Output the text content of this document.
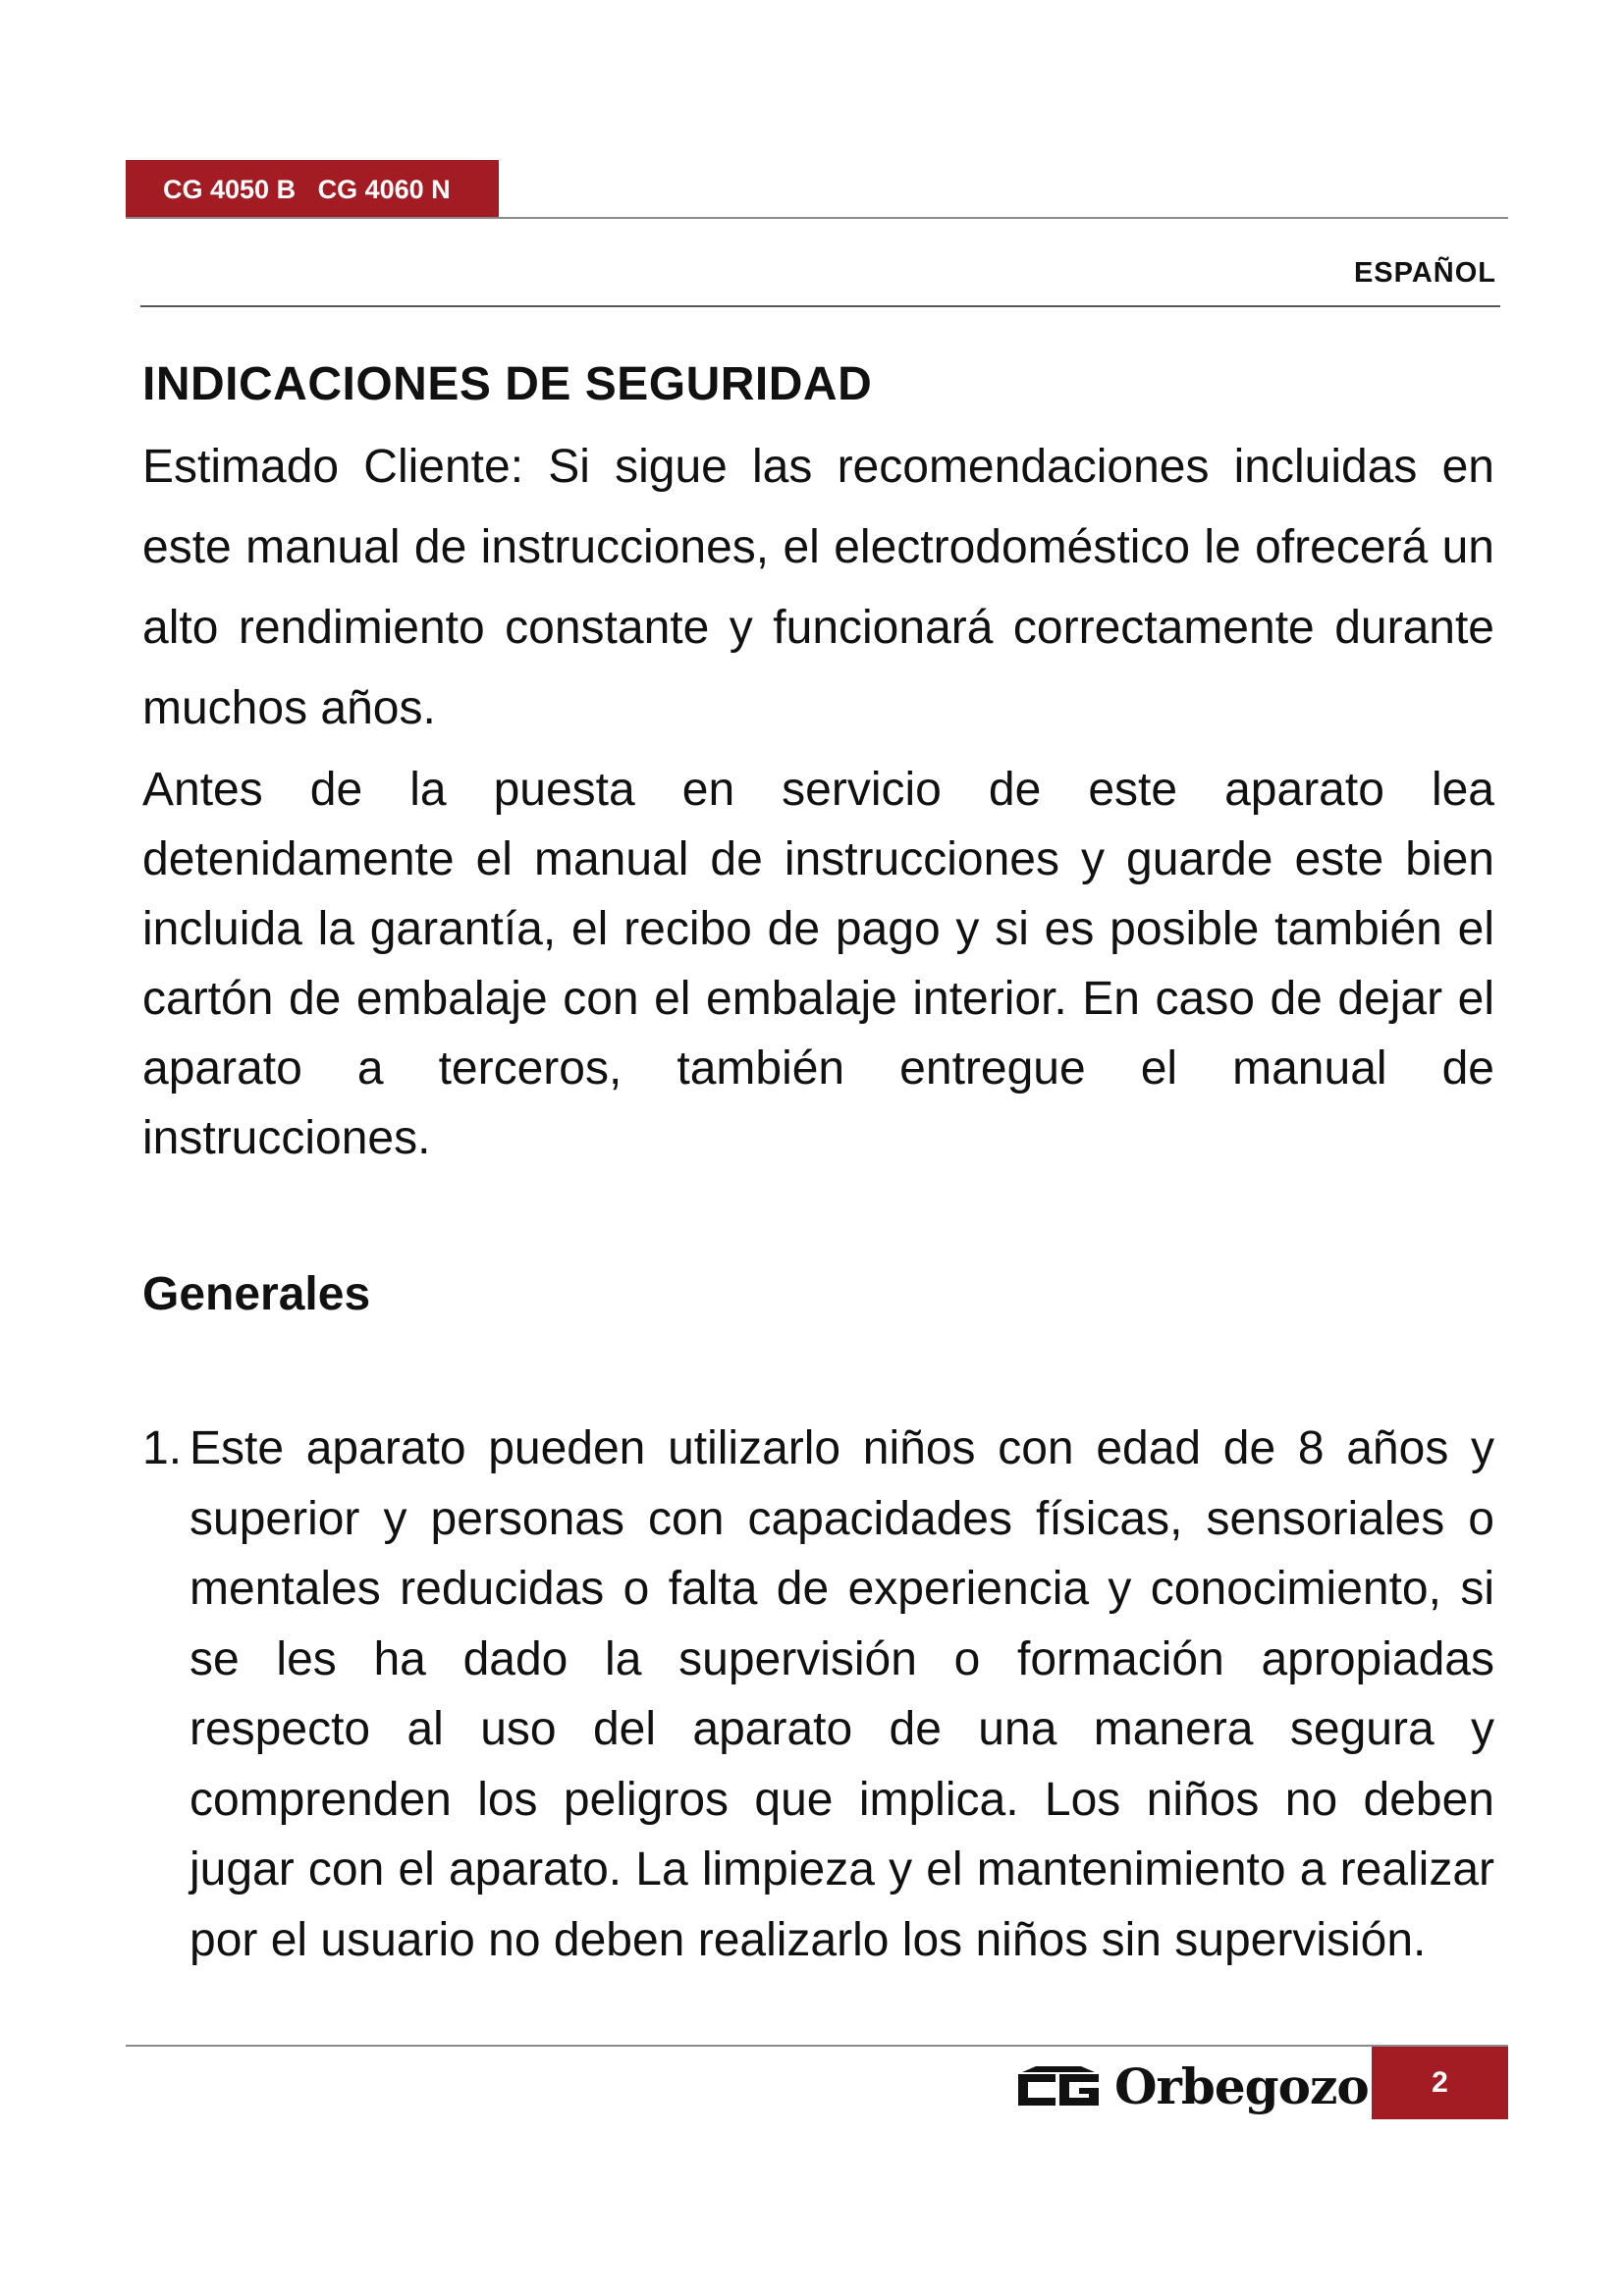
CG 4050 B   CG 4060 N
ESPAÑOL
INDICACIONES DE SEGURIDAD

Estimado Cliente: Si sigue las recomendaciones incluidas en este manual de instrucciones, el electrodoméstico le ofrecerá un alto rendimiento constante y funcionará correctamente durante muchos años.

Antes de la puesta en servicio de este aparato lea detenidamente el manual de instrucciones y guarde este bien incluida la garantía, el recibo de pago y si es posible también el cartón de embalaje con el embalaje interior. En caso de dejar el aparato a terceros, también entregue el manual de instrucciones.

Generales
1. Este aparato pueden utilizarlo niños con edad de 8 años y superior y personas con capacidades físicas, sensoriales o mentales reducidas o falta de experiencia y conocimiento, si se les ha dado la supervisión o formación apropiadas respecto al uso del aparato de una manera segura y comprenden los peligros que implica. Los niños no deben jugar con el aparato. La limpieza y el mantenimiento a realizar por el usuario no deben realizarlo los niños sin supervisión.
Orbegozo 2
